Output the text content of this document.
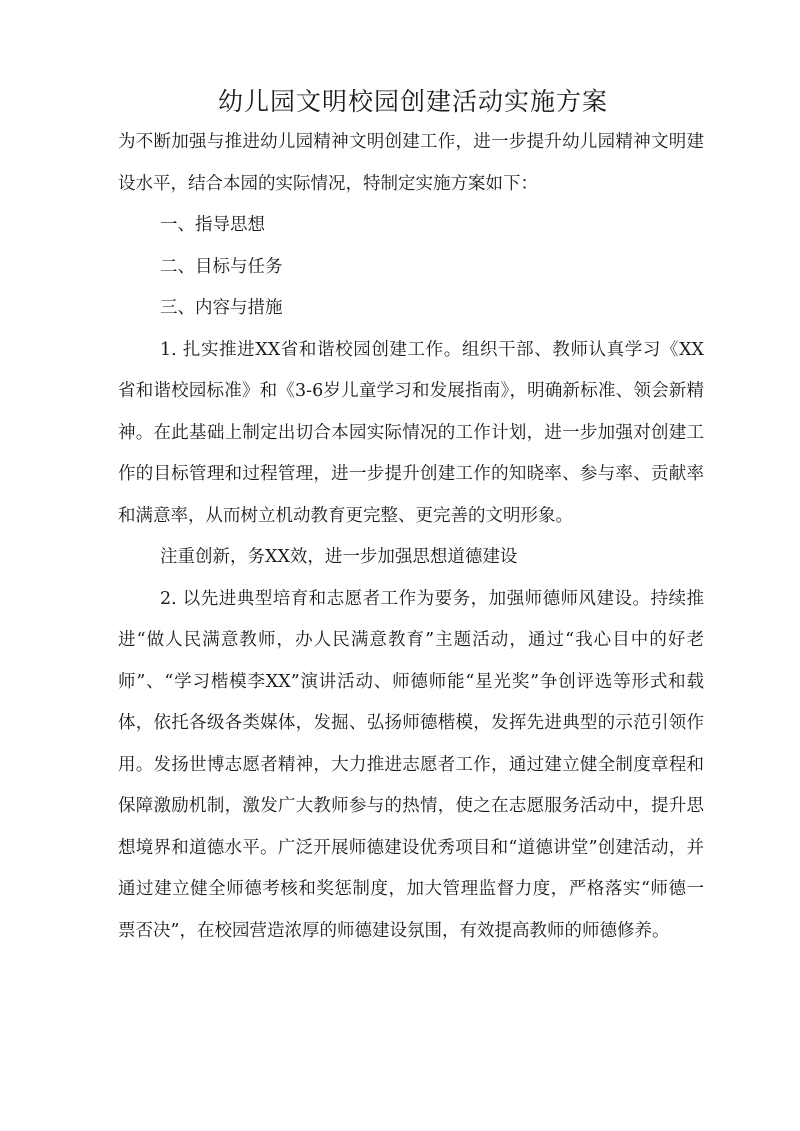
幼儿园文明校园创建活动实施方案

为不断加强与推进幼儿园精神文明创建工作，进一步提升幼儿园精神文明建设水平，结合本园的实际情况，特制定实施方案如下：

一、指导思想

二、目标与任务

三、内容与措施

1. 扎实推进XX省和谐校园创建工作。组织干部、教师认真学习《XX省和谐校园标准》和《3-6岁儿童学习和发展指南》，明确新标准、领会新精神。在此基础上制定出切合本园实际情况的工作计划，进一步加强对创建工作的目标管理和过程管理，进一步提升创建工作的知晓率、参与率、贡献率和满意率，从而树立机动教育更完整、更完善的文明形象。

注重创新，务XX效，进一步加强思想道德建设

2. 以先进典型培育和志愿者工作为要务，加强师德师风建设。持续推进“做人民满意教师，办人民满意教育”主题活动，通过“我心目中的好老师”、“学习楷模李XX”演讲活动、师德师能“星光奖”争创评选等形式和载体，依托各级各类媒体，发掘、弘扬师德楷模，发挥先进典型的示范引领作用。发扬世博志愿者精神，大力推进志愿者工作，通过建立健全制度章程和保障激励机制，激发广大教师参与的热情，使之在志愿服务活动中，提升思想境界和道德水平。广泛开展师德建设优秀项目和“道德讲堂”创建活动，并通过建立健全师德考核和奖惩制度，加大管理监督力度，严格落实“师德一票否决”，在校园营造浓厚的师德建设氛围，有效提高教师的师德修养。
